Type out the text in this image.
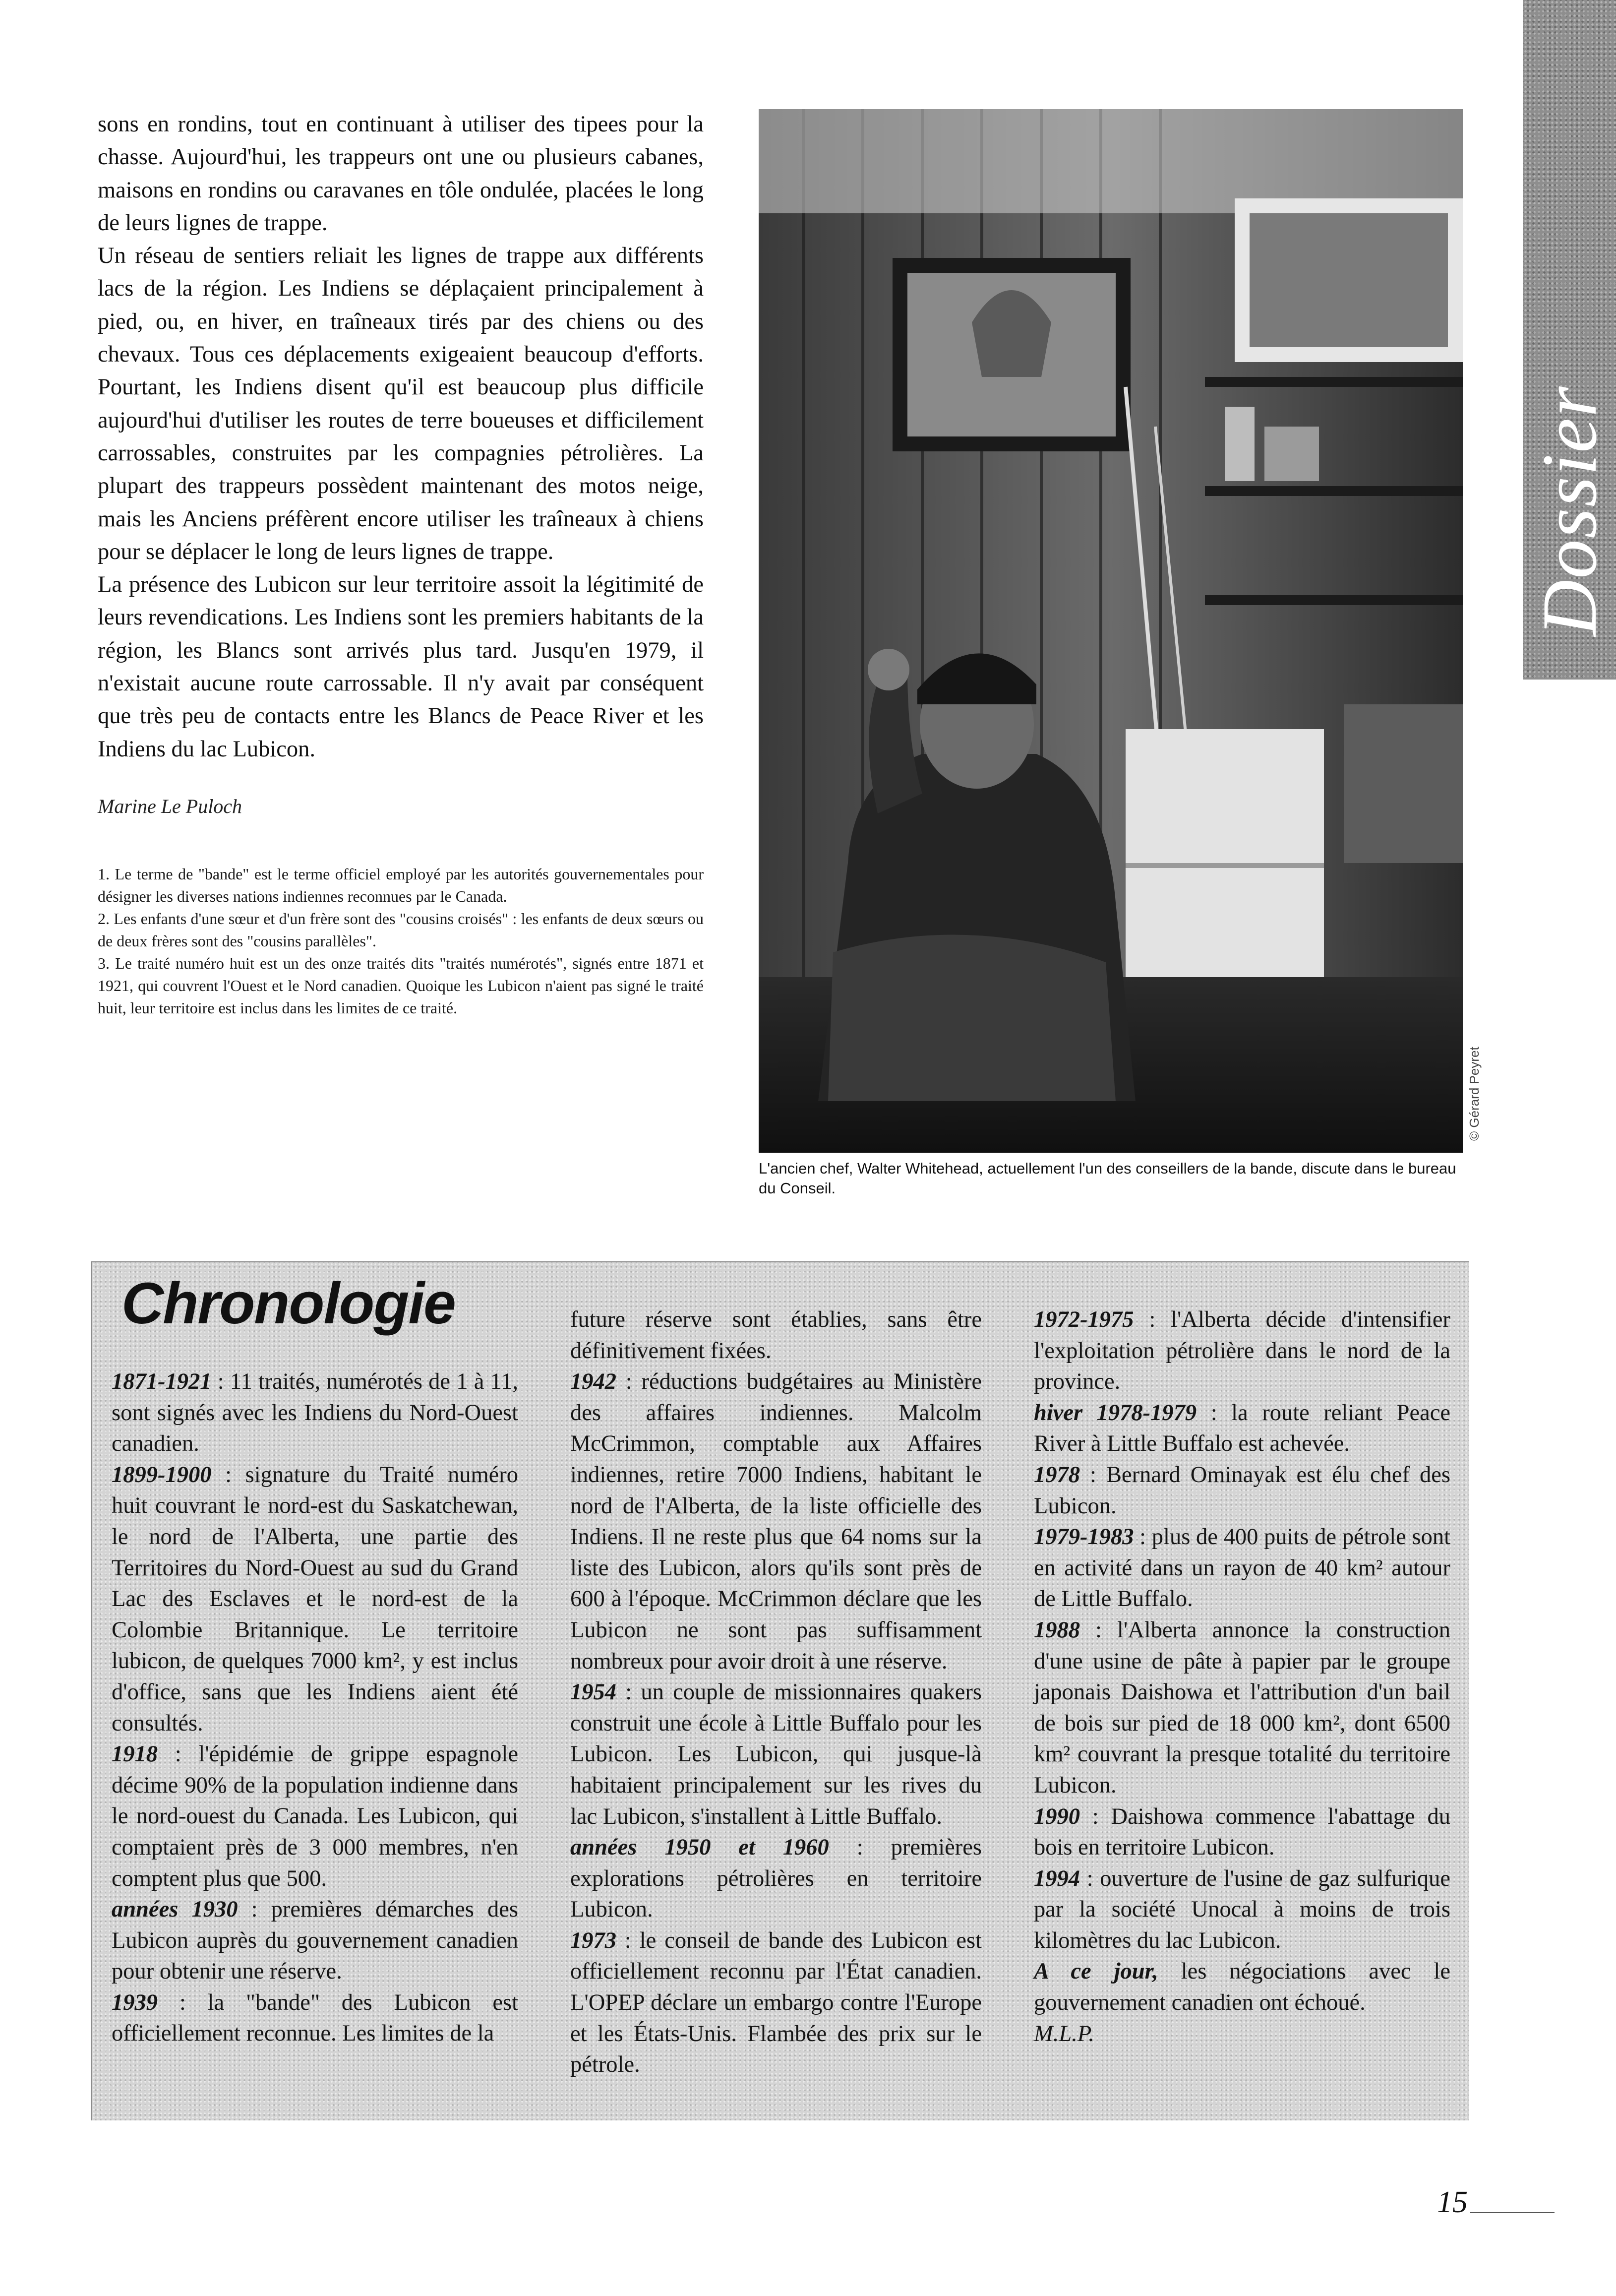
Dossier

sons en rondins, tout en continuant à utiliser des tipees pour la chasse. Aujourd'hui, les trappeurs ont une ou plusieurs cabanes, maisons en rondins ou caravanes en tôle ondulée, placées le long de leurs lignes de trappe.

Un réseau de sentiers reliait les lignes de trappe aux différents lacs de la région. Les Indiens se déplaçaient principalement à pied, ou, en hiver, en traîneaux tirés par des chiens ou des chevaux. Tous ces déplacements exigeaient beaucoup d'efforts. Pourtant, les Indiens disent qu'il est beaucoup plus difficile aujourd'hui d'utiliser les routes de terre boueuses et difficilement carrossables, construites par les compagnies pétrolières. La plupart des trappeurs possèdent maintenant des motos neige, mais les Anciens préfèrent encore utiliser les traîneaux à chiens pour se déplacer le long de leurs lignes de trappe.

La présence des Lubicon sur leur territoire assoit la légitimité de leurs revendications. Les Indiens sont les premiers habitants de la région, les Blancs sont arrivés plus tard. Jusqu'en 1979, il n'existait aucune route carrossable. Il n'y avait par conséquent que très peu de contacts entre les Blancs de Peace River et les Indiens du lac Lubicon.

Marine Le Puloch

1. Le terme de "bande" est le terme officiel employé par les autorités gouvernementales pour désigner les diverses nations indiennes reconnues par le Canada.

2. Les enfants d'une sœur et d'un frère sont des "cousins croisés" : les enfants de deux sœurs ou de deux frères sont des "cousins parallèles".

3. Le traité numéro huit est un des onze traités dits "traités numérotés", signés entre 1871 et 1921, qui couvrent l'Ouest et le Nord canadien. Quoique les Lubicon n'aient pas signé le traité huit, leur territoire est inclus dans les limites de ce traité.

© Gérard Peyret
L'ancien chef, Walter Whitehead, actuellement l'un des conseillers de la bande, discute dans le bureau du Conseil.
Chronologie

1871-1921 : 11 traités, numérotés de 1 à 11, sont signés avec les Indiens du Nord-Ouest canadien.

1899-1900 : signature du Traité numéro huit couvrant le nord-est du Saskatchewan, le nord de l'Alberta, une partie des Territoires du Nord-Ouest au sud du Grand Lac des Esclaves et le nord-est de la Colombie Britannique. Le territoire lubicon, de quelques 7000 km², y est inclus d'office, sans que les Indiens aient été consultés.

1918 : l'épidémie de grippe espagnole décime 90% de la population indienne dans le nord-ouest du Canada. Les Lubicon, qui comptaient près de 3 000 membres, n'en comptent plus que 500.

années 1930 : premières démarches des Lubicon auprès du gouvernement canadien pour obtenir une réserve.

1939 : la "bande" des Lubicon est officiellement reconnue. Les limites de la

future réserve sont établies, sans être définitivement fixées.

1942 : réductions budgétaires au Ministère des affaires indiennes. Malcolm McCrimmon, comptable aux Affaires indiennes, retire 7000 Indiens, habitant le nord de l'Alberta, de la liste officielle des Indiens. Il ne reste plus que 64 noms sur la liste des Lubicon, alors qu'ils sont près de 600 à l'époque. McCrimmon déclare que les Lubicon ne sont pas suffisamment nombreux pour avoir droit à une réserve.

1954 : un couple de missionnaires quakers construit une école à Little Buffalo pour les Lubicon. Les Lubicon, qui jusque-là habitaient principalement sur les rives du lac Lubicon, s'installent à Little Buffalo.

années 1950 et 1960 : premières explorations pétrolières en territoire Lubicon.

1973 : le conseil de bande des Lubicon est officiellement reconnu par l'État canadien. L'OPEP déclare un embargo contre l'Europe et les États-Unis. Flambée des prix sur le pétrole.

1972-1975 : l'Alberta décide d'intensifier l'exploitation pétrolière dans le nord de la province.

hiver 1978-1979 : la route reliant Peace River à Little Buffalo est achevée.

1978 : Bernard Ominayak est élu chef des Lubicon.

1979-1983 : plus de 400 puits de pétrole sont en activité dans un rayon de 40 km² autour de Little Buffalo.

1988 : l'Alberta annonce la construction d'une usine de pâte à papier par le groupe japonais Daishowa et l'attribution d'un bail de bois sur pied de 18 000 km², dont 6500 km² couvrant la presque totalité du territoire Lubicon.

1990 : Daishowa commence l'abattage du bois en territoire Lubicon.

1994 : ouverture de l'usine de gaz sulfurique par la société Unocal à moins de trois kilomètres du lac Lubicon.

A ce jour, les négociations avec le gouvernement canadien ont échoué.

M.L.P.

15
